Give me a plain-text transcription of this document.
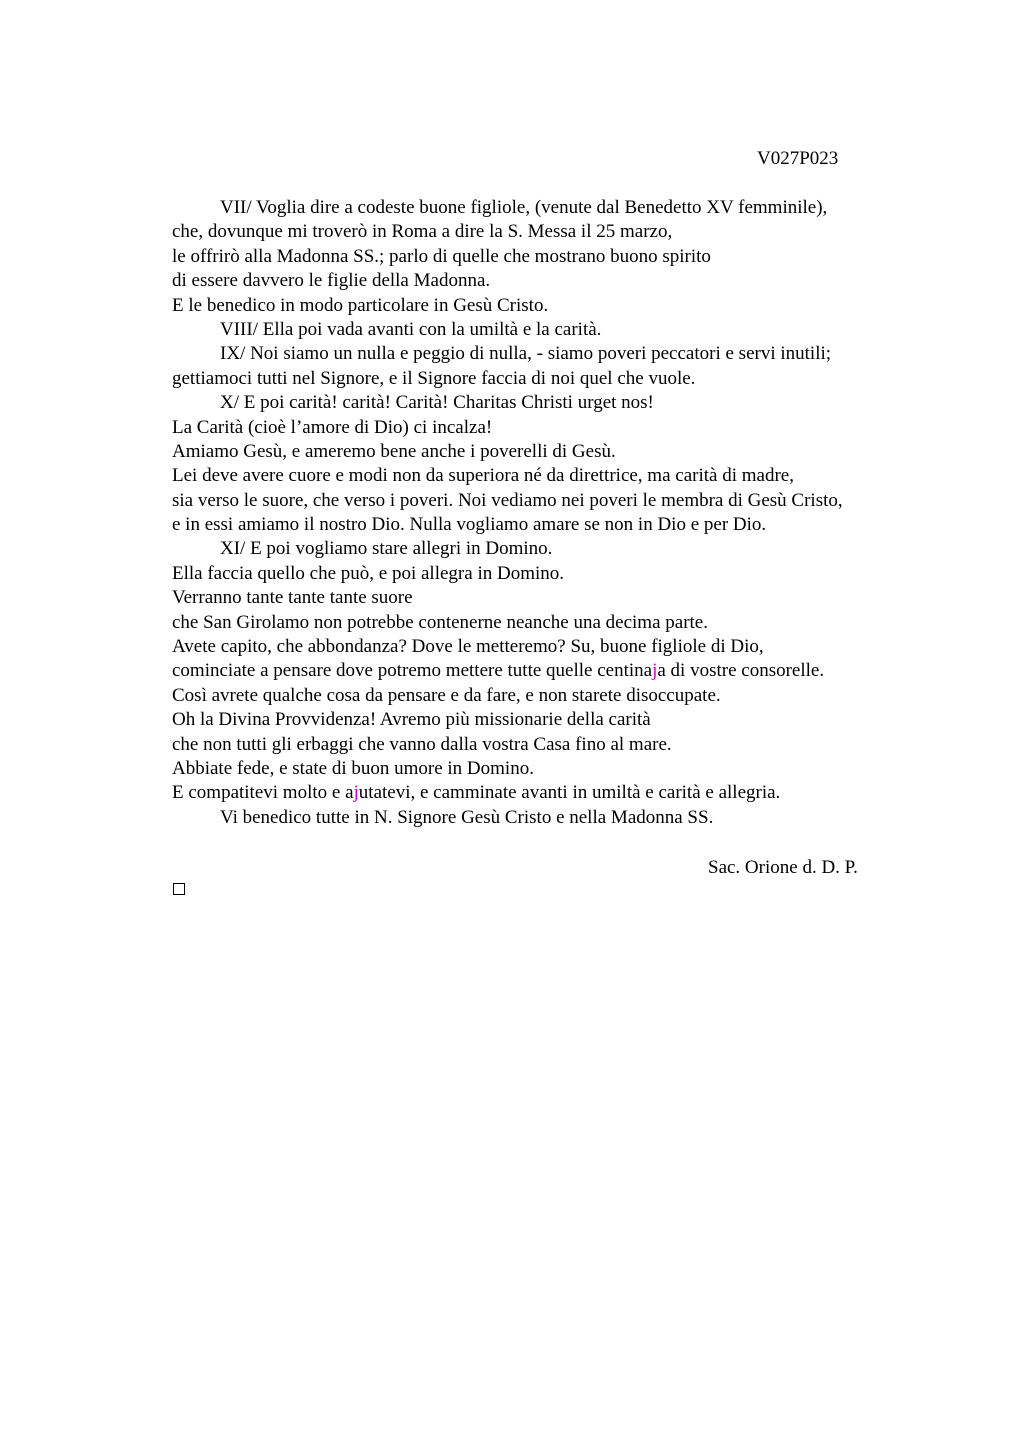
V027P023
VII/ Voglia dire a codeste buone figliole, (venute dal Benedetto XV femminile),
che, dovunque mi troverò in Roma a dire la S. Messa il 25 marzo,
le offrirò alla Madonna SS.; parlo di quelle che mostrano buono spirito
di essere davvero le figlie della Madonna.
E le benedico in modo particolare in Gesù Cristo.
VIII/ Ella poi vada avanti con la umiltà e la carità.
IX/ Noi siamo un nulla e peggio di nulla, - siamo poveri peccatori e servi inutili;
gettiamoci tutti nel Signore, e il Signore faccia di noi quel che vuole.
X/ E poi carità! carità! Carità! Charitas Christi urget nos!
La Carità (cioè l’amore di Dio) ci incalza!
Amiamo Gesù, e ameremo bene anche i poverelli di Gesù.
Lei deve avere cuore e modi non da superiora né da direttrice, ma carità di madre,
sia verso le suore, che verso i poveri. Noi vediamo nei poveri le membra di Gesù Cristo,
e in essi amiamo il nostro Dio. Nulla vogliamo amare se non in Dio e per Dio.
XI/ E poi vogliamo stare allegri in Domino.
Ella faccia quello che può, e poi allegra in Domino.
Verranno tante tante tante suore
che San Girolamo non potrebbe contenerne neanche una decima parte.
Avete capito, che abbondanza? Dove le metteremo? Su, buone figliole di Dio,
cominciate a pensare dove potremo mettere tutte quelle centinaja di vostre consorelle.
Così avrete qualche cosa da pensare e da fare, e non starete disoccupate.
Oh la Divina Provvidenza! Avremo più missionarie della carità
che non tutti gli erbaggi che vanno dalla vostra Casa fino al mare.
Abbiate fede, e state di buon umore in Domino.
E compatitevi molto e ajutatevi, e camminate avanti in umiltà e carità e allegria.
Vi benedico tutte in N. Signore Gesù Cristo e nella Madonna SS.
Sac. Orione d. D. P.
